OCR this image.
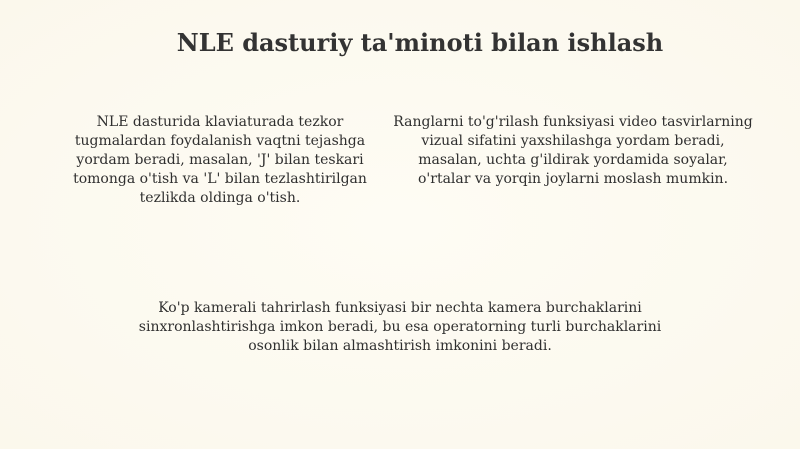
NLE dasturiy ta'minoti bilan ishlash

NLE dasturida klaviaturada tezkor tugmalardan foydalanish vaqtni tejashga yordam beradi, masalan, 'J' bilan teskari tomonga o'tish va 'L' bilan tezlashtirilgan tezlikda oldinga o'tish.

Ranglarni to'g'rilash funksiyasi video tasvirlarning vizual sifatini yaxshilashga yordam beradi, masalan, uchta g'ildirak yordamida soyalar, o'rtalar va yorqin joylarni moslash mumkin.

Ko'p kamerali tahrirlash funksiyasi bir nechta kamera burchaklarini sinxronlashtirishga imkon beradi, bu esa operatorning turli burchaklarini osonlik bilan almashtirish imkonini beradi.
